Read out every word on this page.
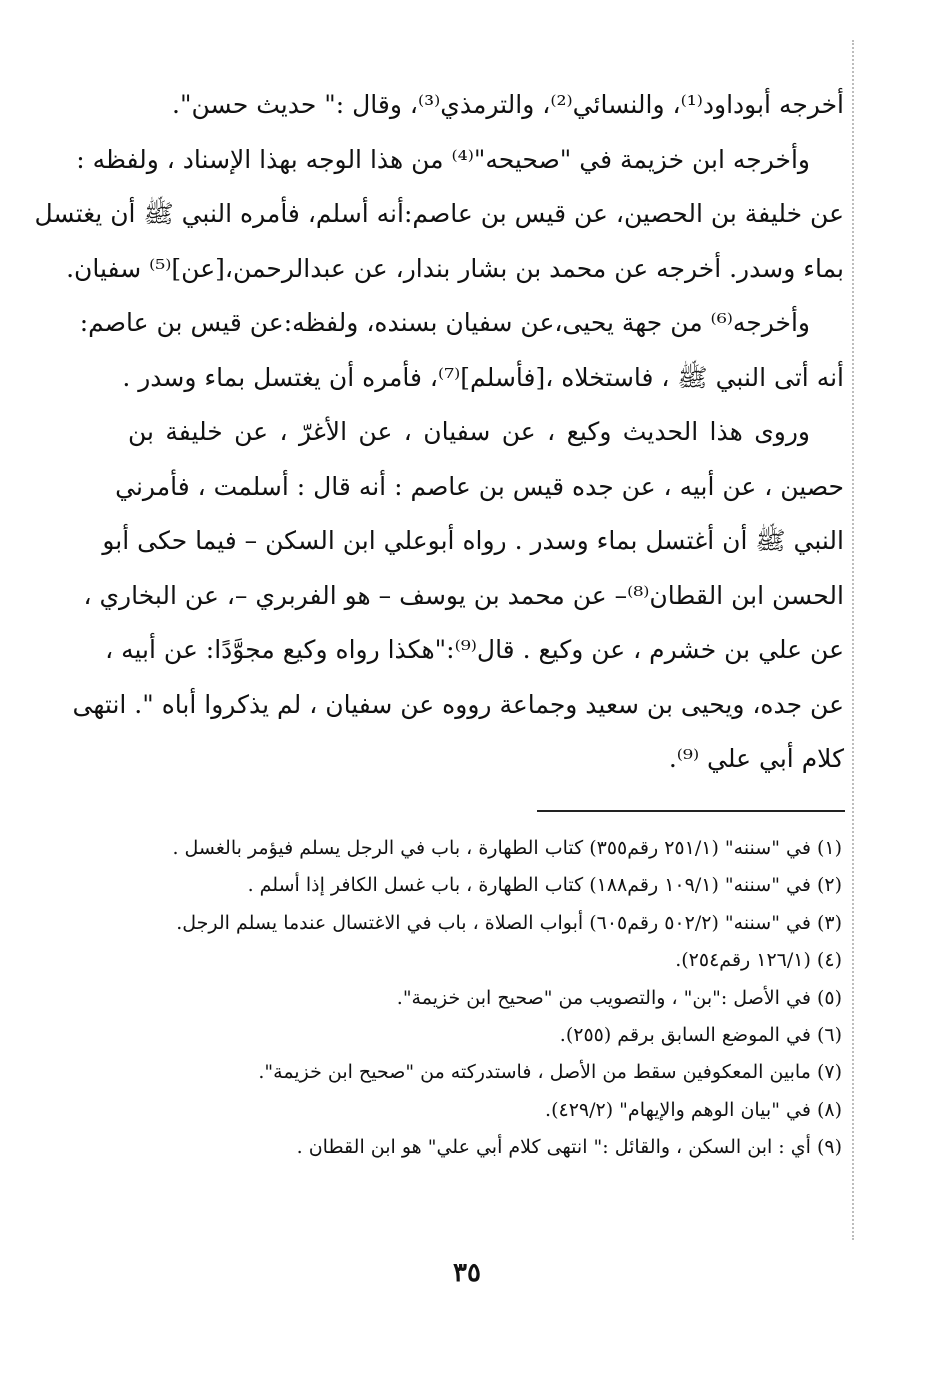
أخرجه أبوداود⁽¹⁾، والنسائي⁽²⁾، والترمذي⁽³⁾، وقال :" حديث حسن".
وأخرجه ابن خزيمة في "صحيحه"⁽⁴⁾ من هذا الوجه بهذا الإسناد ، ولفظه :
عن خليفة بن الحصين، عن قيس بن عاصم:أنه أسلم، فأمره النبي ﷺ أن يغتسل
بماء وسدر. أخرجه عن محمد بن بشار بندار، عن عبدالرحمن،[عن]⁽⁵⁾ سفيان.
وأخرجه⁽⁶⁾ من جهة يحيى،عن سفيان بسنده، ولفظه:عن قيس بن عاصم:
أنه أتى النبي ﷺ ، فاستخلاه ،[فأسلم]⁽⁷⁾، فأمره أن يغتسل بماء وسدر .
وروى هذا الحديث وكيع ، عن سفيان ، عن الأغرّ ، عن خليفة بن
حصين ، عن أبيه ، عن جده قيس بن عاصم : أنه قال : أسلمت ، فأمرني
النبي ﷺ أن أغتسل بماء وسدر . رواه أبوعلي ابن السكن – فيما حكى أبو
الحسن ابن القطان⁽⁸⁾– عن محمد بن يوسف – هو الفربري –، عن البخاري ،
عن علي بن خشرم ، عن وكيع . قال⁽⁹⁾:"هكذا رواه وكيع مجوَّدًا: عن أبيه ،
عن جده، ويحيى بن سعيد وجماعة رووه عن سفيان ، لم يذكروا أباه ". انتهى
كلام أبي علي ⁽⁹⁾.
(١) في "سننه" (٢٥١/١ رقم٣٥٥) كتاب الطهارة ، باب في الرجل يسلم فيؤمر بالغسل .
(٢) في "سننه" (١٠٩/١ رقم١٨٨) كتاب الطهارة ، باب غسل الكافر إذا أسلم .
(٣) في "سننه" (٥٠٢/٢ رقم٦٠٥) أبواب الصلاة ، باب في الاغتسال عندما يسلم الرجل.
(٤) (١٢٦/١ رقم٢٥٤).
(٥) في الأصل :"بن" ، والتصويب من "صحيح ابن خزيمة".
(٦) في الموضع السابق برقم (٢٥٥).
(٧) مابين المعكوفين سقط من الأصل ، فاستدركته من "صحيح ابن خزيمة".
(٨) في "بيان الوهم والإيهام" (٤٢٩/٢).
(٩) أي : ابن السكن ، والقائل :" انتهى كلام أبي علي" هو ابن القطان .
٣٥
